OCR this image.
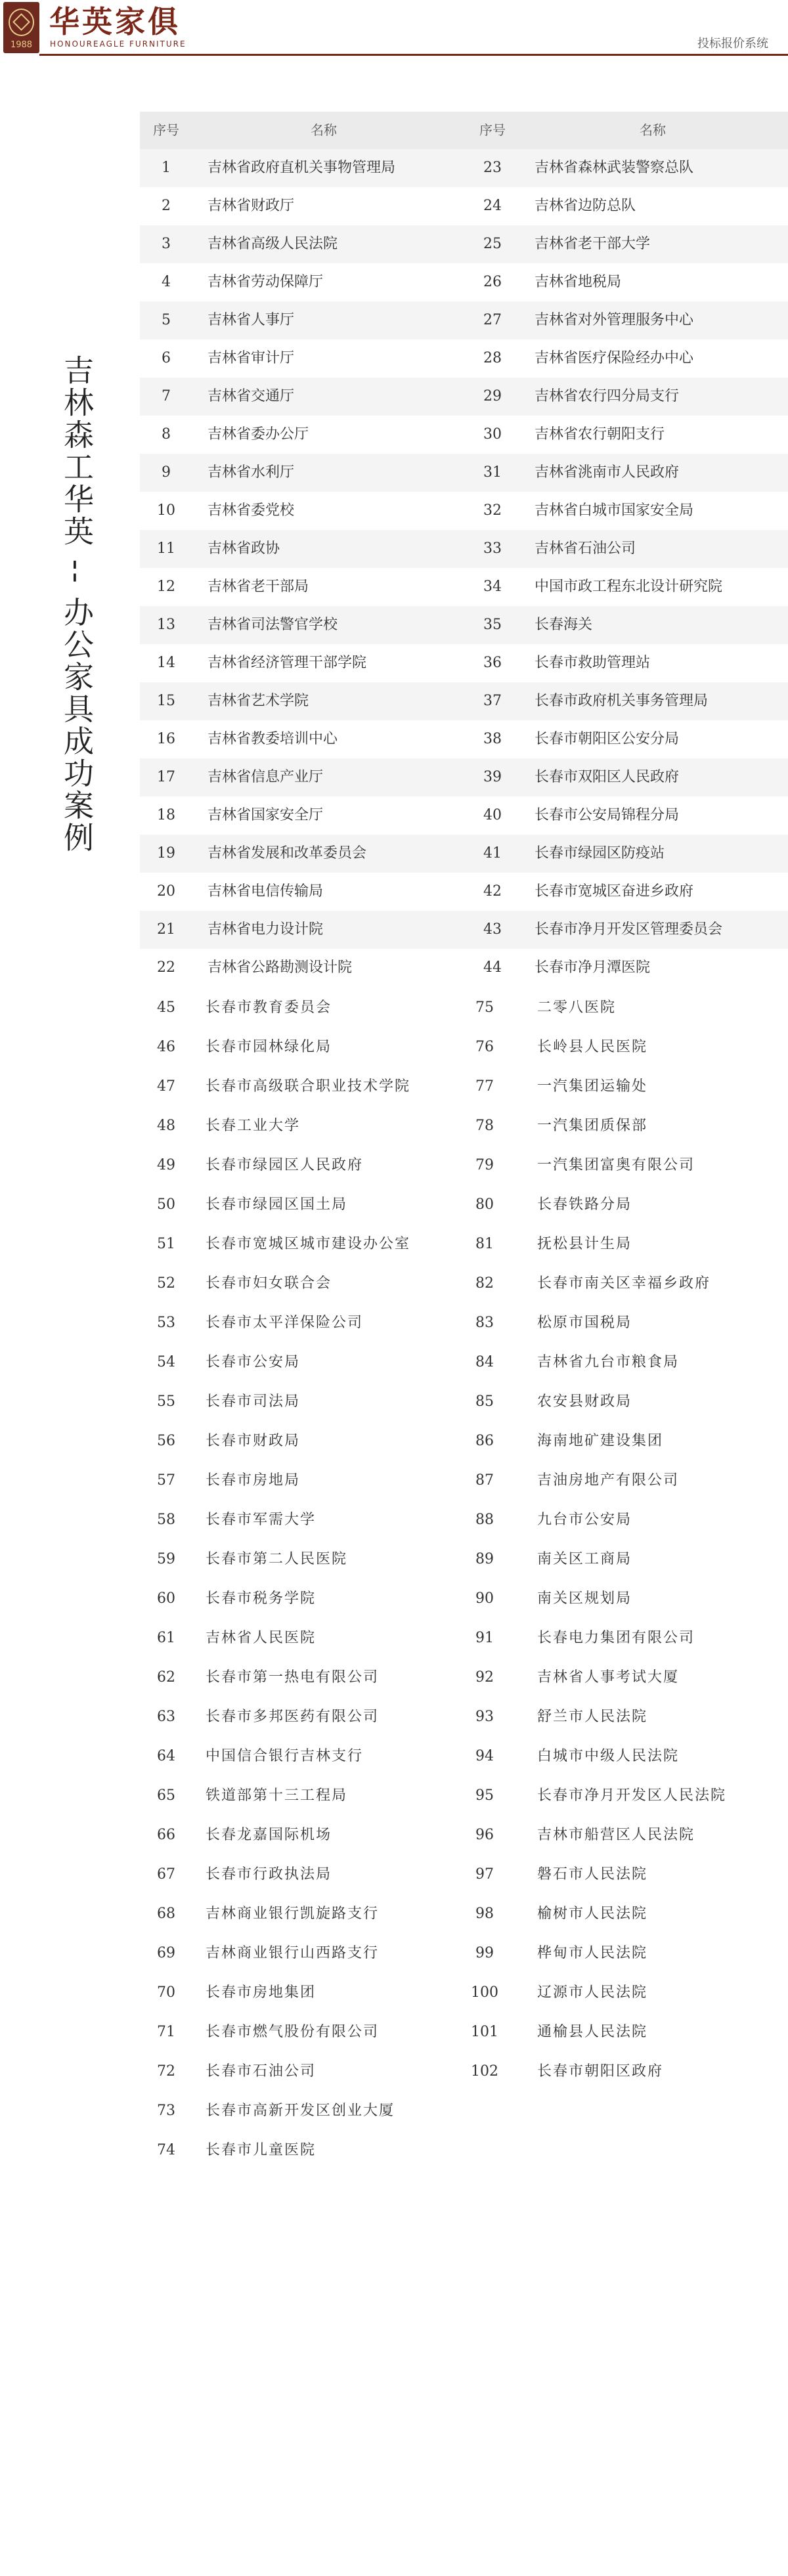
1988
华英家俱
HONOUREAGLE FURNITURE	投标报价系统
吉林森工华英 -- 办公家具成功案例
序号	名称	序号	名称
1	吉林省政府直机关事物管理局	23	吉林省森林武装警察总队
2	吉林省财政厅	24	吉林省边防总队
3	吉林省高级人民法院	25	吉林省老干部大学
4	吉林省劳动保障厅	26	吉林省地税局
5	吉林省人事厅	27	吉林省对外管理服务中心
6	吉林省审计厅	28	吉林省医疗保险经办中心
7	吉林省交通厅	29	吉林省农行四分局支行
8	吉林省委办公厅	30	吉林省农行朝阳支行
9	吉林省水利厅	31	吉林省洮南市人民政府
10	吉林省委党校	32	吉林省白城市国家安全局
11	吉林省政协	33	吉林省石油公司
12	吉林省老干部局	34	中国市政工程东北设计研究院
13	吉林省司法警官学校	35	长春海关
14	吉林省经济管理干部学院	36	长春市救助管理站
15	吉林省艺术学院	37	长春市政府机关事务管理局
16	吉林省教委培训中心	38	长春市朝阳区公安分局
17	吉林省信息产业厅	39	长春市双阳区人民政府
18	吉林省国家安全厅	40	长春市公安局锦程分局
19	吉林省发展和改革委员会	41	长春市绿园区防疫站
20	吉林省电信传输局	42	长春市宽城区奋进乡政府
21	吉林省电力设计院	43	长春市净月开发区管理委员会
22	吉林省公路勘测设计院	44	长春市净月潭医院
45	长春市教育委员会	75	二零八医院
46	长春市园林绿化局	76	长岭县人民医院
47	长春市高级联合职业技术学院	77	一汽集团运输处
48	长春工业大学	78	一汽集团质保部
49	长春市绿园区人民政府	79	一汽集团富奥有限公司
50	长春市绿园区国土局	80	长春铁路分局
51	长春市宽城区城市建设办公室	81	抚松县计生局
52	长春市妇女联合会	82	长春市南关区幸福乡政府
53	长春市太平洋保险公司	83	松原市国税局
54	长春市公安局	84	吉林省九台市粮食局
55	长春市司法局	85	农安县财政局
56	长春市财政局	86	海南地矿建设集团
57	长春市房地局	87	吉油房地产有限公司
58	长春市军需大学	88	九台市公安局
59	长春市第二人民医院	89	南关区工商局
60	长春市税务学院	90	南关区规划局
61	吉林省人民医院	91	长春电力集团有限公司
62	长春市第一热电有限公司	92	吉林省人事考试大厦
63	长春市多邦医药有限公司	93	舒兰市人民法院
64	中国信合银行吉林支行	94	白城市中级人民法院
65	铁道部第十三工程局	95	长春市净月开发区人民法院
66	长春龙嘉国际机场	96	吉林市船营区人民法院
67	长春市行政执法局	97	磐石市人民法院
68	吉林商业银行凯旋路支行	98	榆树市人民法院
69	吉林商业银行山西路支行	99	桦甸市人民法院
70	长春市房地集团	100	辽源市人民法院
71	长春市燃气股份有限公司	101	通榆县人民法院
72	长春市石油公司	102	长春市朝阳区政府
73	长春市高新开发区创业大厦
74	长春市儿童医院
